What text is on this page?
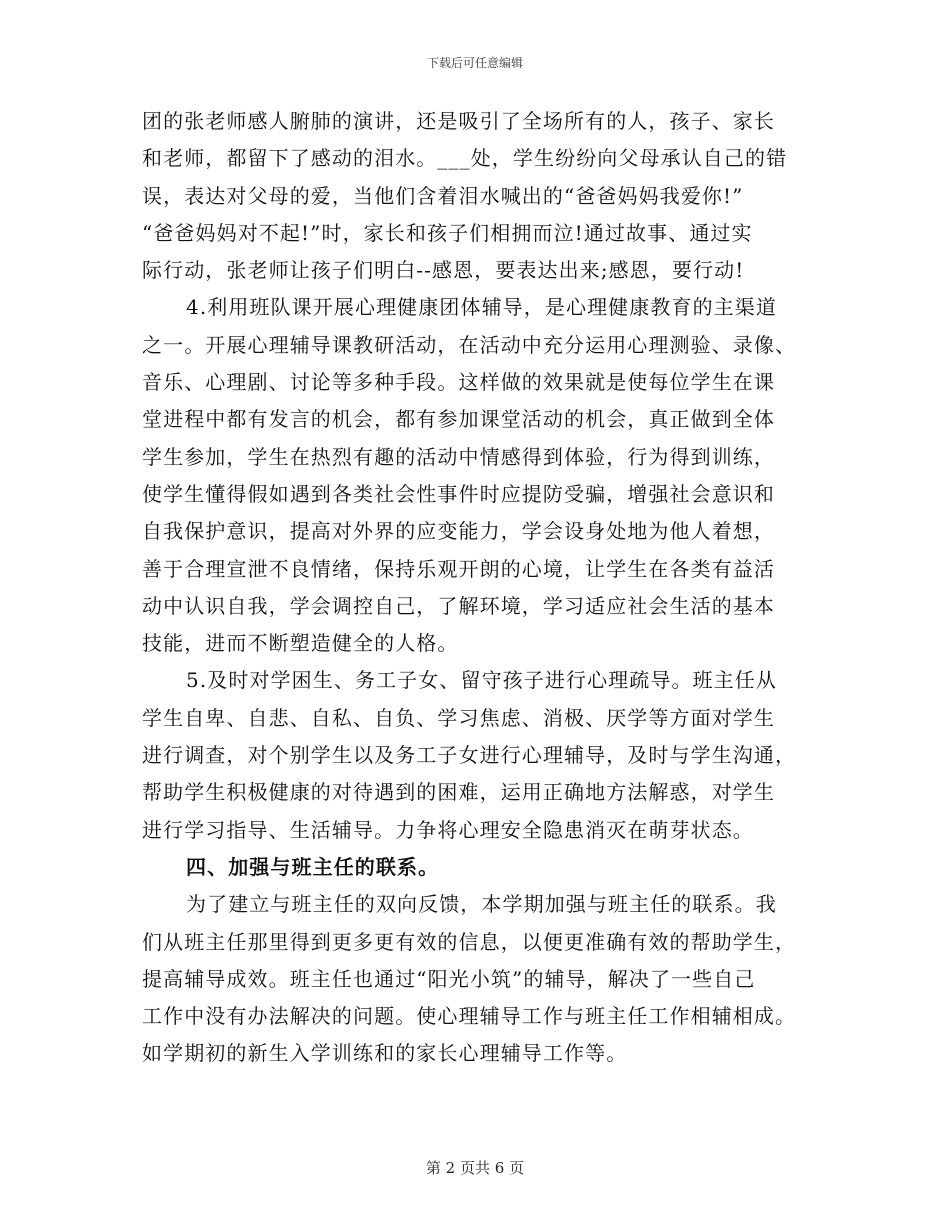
下载后可任意编辑
团的张老师感人腑肺的演讲，还是吸引了全场所有的人，孩子、家长
和老师，都留下了感动的泪水。___处，学生纷纷向父母承认自己的错
误，表达对父母的爱，当他们含着泪水喊出的“爸爸妈妈我爱你!”
“爸爸妈妈对不起!”时，家长和孩子们相拥而泣!通过故事、通过实
际行动，张老师让孩子们明白--感恩，要表达出来;感恩，要行动!
4.利用班队课开展心理健康团体辅导，是心理健康教育的主渠道
之一。开展心理辅导课教研活动，在活动中充分运用心理测验、录像、
音乐、心理剧、讨论等多种手段。这样做的效果就是使每位学生在课
堂进程中都有发言的机会，都有参加课堂活动的机会，真正做到全体
学生参加，学生在热烈有趣的活动中情感得到体验，行为得到训练，
使学生懂得假如遇到各类社会性事件时应提防受骗，增强社会意识和
自我保护意识，提高对外界的应变能力，学会设身处地为他人着想，
善于合理宣泄不良情绪，保持乐观开朗的心境，让学生在各类有益活
动中认识自我，学会调控自己，了解环境，学习适应社会生活的基本
技能，进而不断塑造健全的人格。
5.及时对学困生、务工子女、留守孩子进行心理疏导。班主任从
学生自卑、自悲、自私、自负、学习焦虑、消极、厌学等方面对学生
进行调查，对个别学生以及务工子女进行心理辅导，及时与学生沟通，
帮助学生积极健康的对待遇到的困难，运用正确地方法解惑，对学生
进行学习指导、生活辅导。力争将心理安全隐患消灭在萌芽状态。
四、加强与班主任的联系。
为了建立与班主任的双向反馈，本学期加强与班主任的联系。我
们从班主任那里得到更多更有效的信息，以便更准确有效的帮助学生，
提高辅导成效。班主任也通过“阳光小筑”的辅导，解决了一些自己
工作中没有办法解决的问题。使心理辅导工作与班主任工作相辅相成。
如学期初的新生入学训练和的家长心理辅导工作等。
第 2 页共 6 页
